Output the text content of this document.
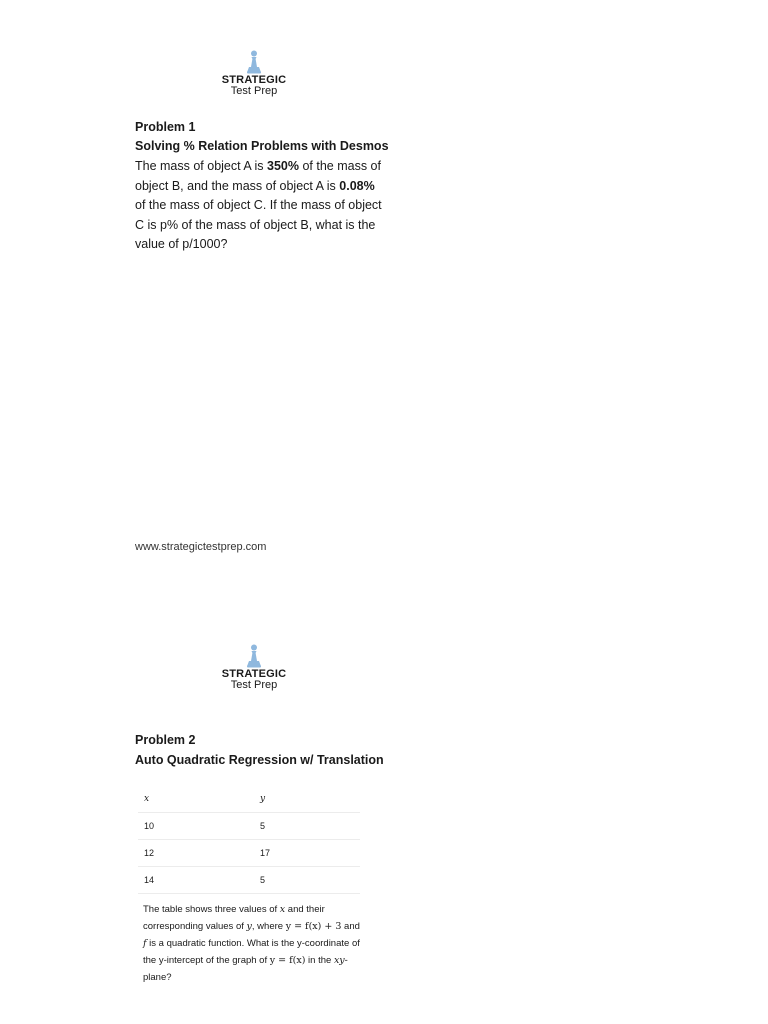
STRATEGIC
Test Prep
Problem 1
Solving % Relation Problems with Desmos
The mass of object A is 350% of the mass of object B, and the mass of object A is 0.08% of the mass of object C. If the mass of object C is p% of the mass of object B, what is the value of p/1000?
www.strategictestprep.com
STRATEGIC
Test Prep
Problem 2
Auto Quadratic Regression w/ Translation
x	y
10	5
12	17
14	5
The table shows three values of x and their corresponding values of y, where y = f(x) + 3 and f is a quadratic function. What is the y-coordinate of the y-intercept of the graph of y = f(x) in the xy-plane?
